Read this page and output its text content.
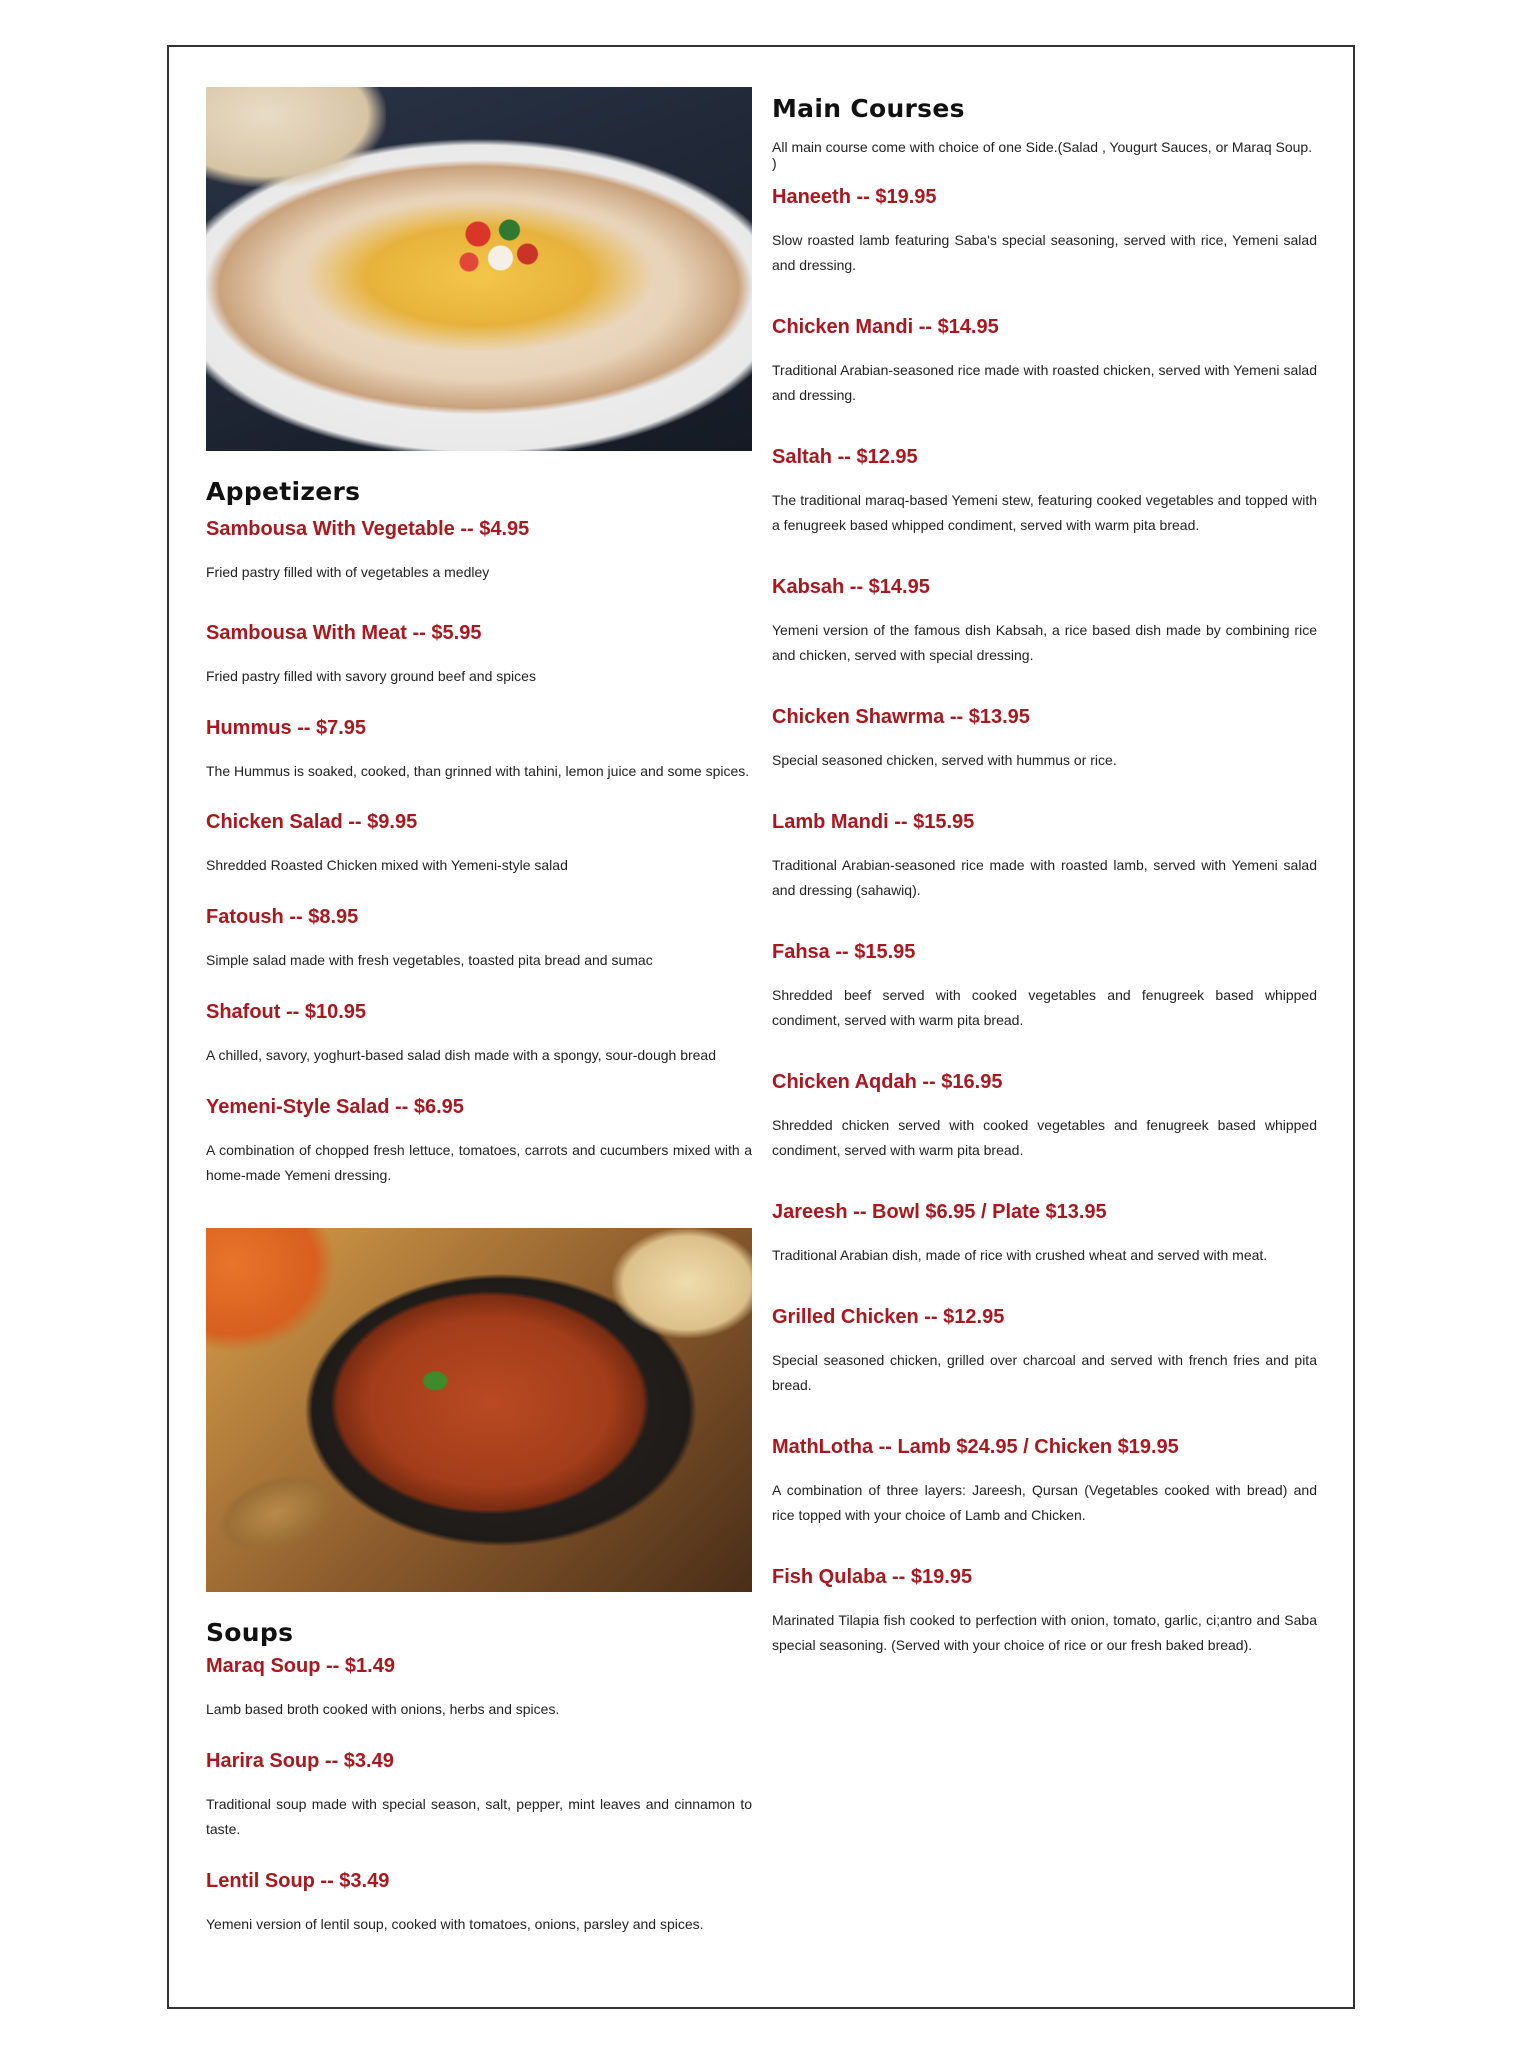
Appetizers

Sambousa With Vegetable -- $4.95

Fried pastry filled with of vegetables a medley

Sambousa With Meat -- $5.95

Fried pastry filled with savory ground beef and spices

Hummus -- $7.95

The Hummus is soaked, cooked, than grinned with tahini, lemon juice and some spices.

Chicken Salad -- $9.95

Shredded Roasted Chicken mixed with Yemeni-style salad

Fatoush -- $8.95

Simple salad made with fresh vegetables, toasted pita bread and sumac

Shafout -- $10.95

A chilled, savory, yoghurt-based salad dish made with a spongy, sour-dough bread

Yemeni-Style Salad -- $6.95

A combination of chopped fresh lettuce, tomatoes, carrots and cucumbers mixed with a home-made Yemeni dressing.

Soups

Maraq Soup -- $1.49

Lamb based broth cooked with onions, herbs and spices.

Harira Soup -- $3.49

Traditional soup made with special season, salt, pepper, mint leaves and cinnamon to taste.

Lentil Soup -- $3.49

Yemeni version of lentil soup, cooked with tomatoes, onions, parsley and spices.

Main Courses

All main course come with choice of one Side.(Salad , Yougurt Sauces, or Maraq Soup. )

Haneeth -- $19.95

Slow roasted lamb featuring Saba's special seasoning, served with rice, Yemeni salad and dressing.

Chicken Mandi -- $14.95

Traditional Arabian-seasoned rice made with roasted chicken, served with Yemeni salad and dressing.

Saltah -- $12.95

The traditional maraq-based Yemeni stew, featuring cooked vegetables and topped with a fenugreek based whipped condiment, served with warm pita bread.

Kabsah -- $14.95

Yemeni version of the famous dish Kabsah, a rice based dish made by combining rice and chicken, served with special dressing.

Chicken Shawrma -- $13.95

Special seasoned chicken, served with hummus or rice.

Lamb Mandi -- $15.95

Traditional Arabian-seasoned rice made with roasted lamb, served with Yemeni salad and dressing (sahawiq).

Fahsa -- $15.95

Shredded beef served with cooked vegetables and fenugreek based whipped condiment, served with warm pita bread.

Chicken Aqdah -- $16.95

Shredded chicken served with cooked vegetables and fenugreek based whipped condiment, served with warm pita bread.

Jareesh -- Bowl $6.95 / Plate $13.95

Traditional Arabian dish, made of rice with crushed wheat and served with meat.

Grilled Chicken -- $12.95

Special seasoned chicken, grilled over charcoal and served with french fries and pita bread.

MathLotha -- Lamb $24.95 / Chicken $19.95

A combination of three layers: Jareesh, Qursan (Vegetables cooked with bread) and rice topped with your choice of Lamb and Chicken.

Fish Qulaba -- $19.95

Marinated Tilapia fish cooked to perfection with onion, tomato, garlic, ci;antro and Saba special seasoning. (Served with your choice of rice or our fresh baked bread).
